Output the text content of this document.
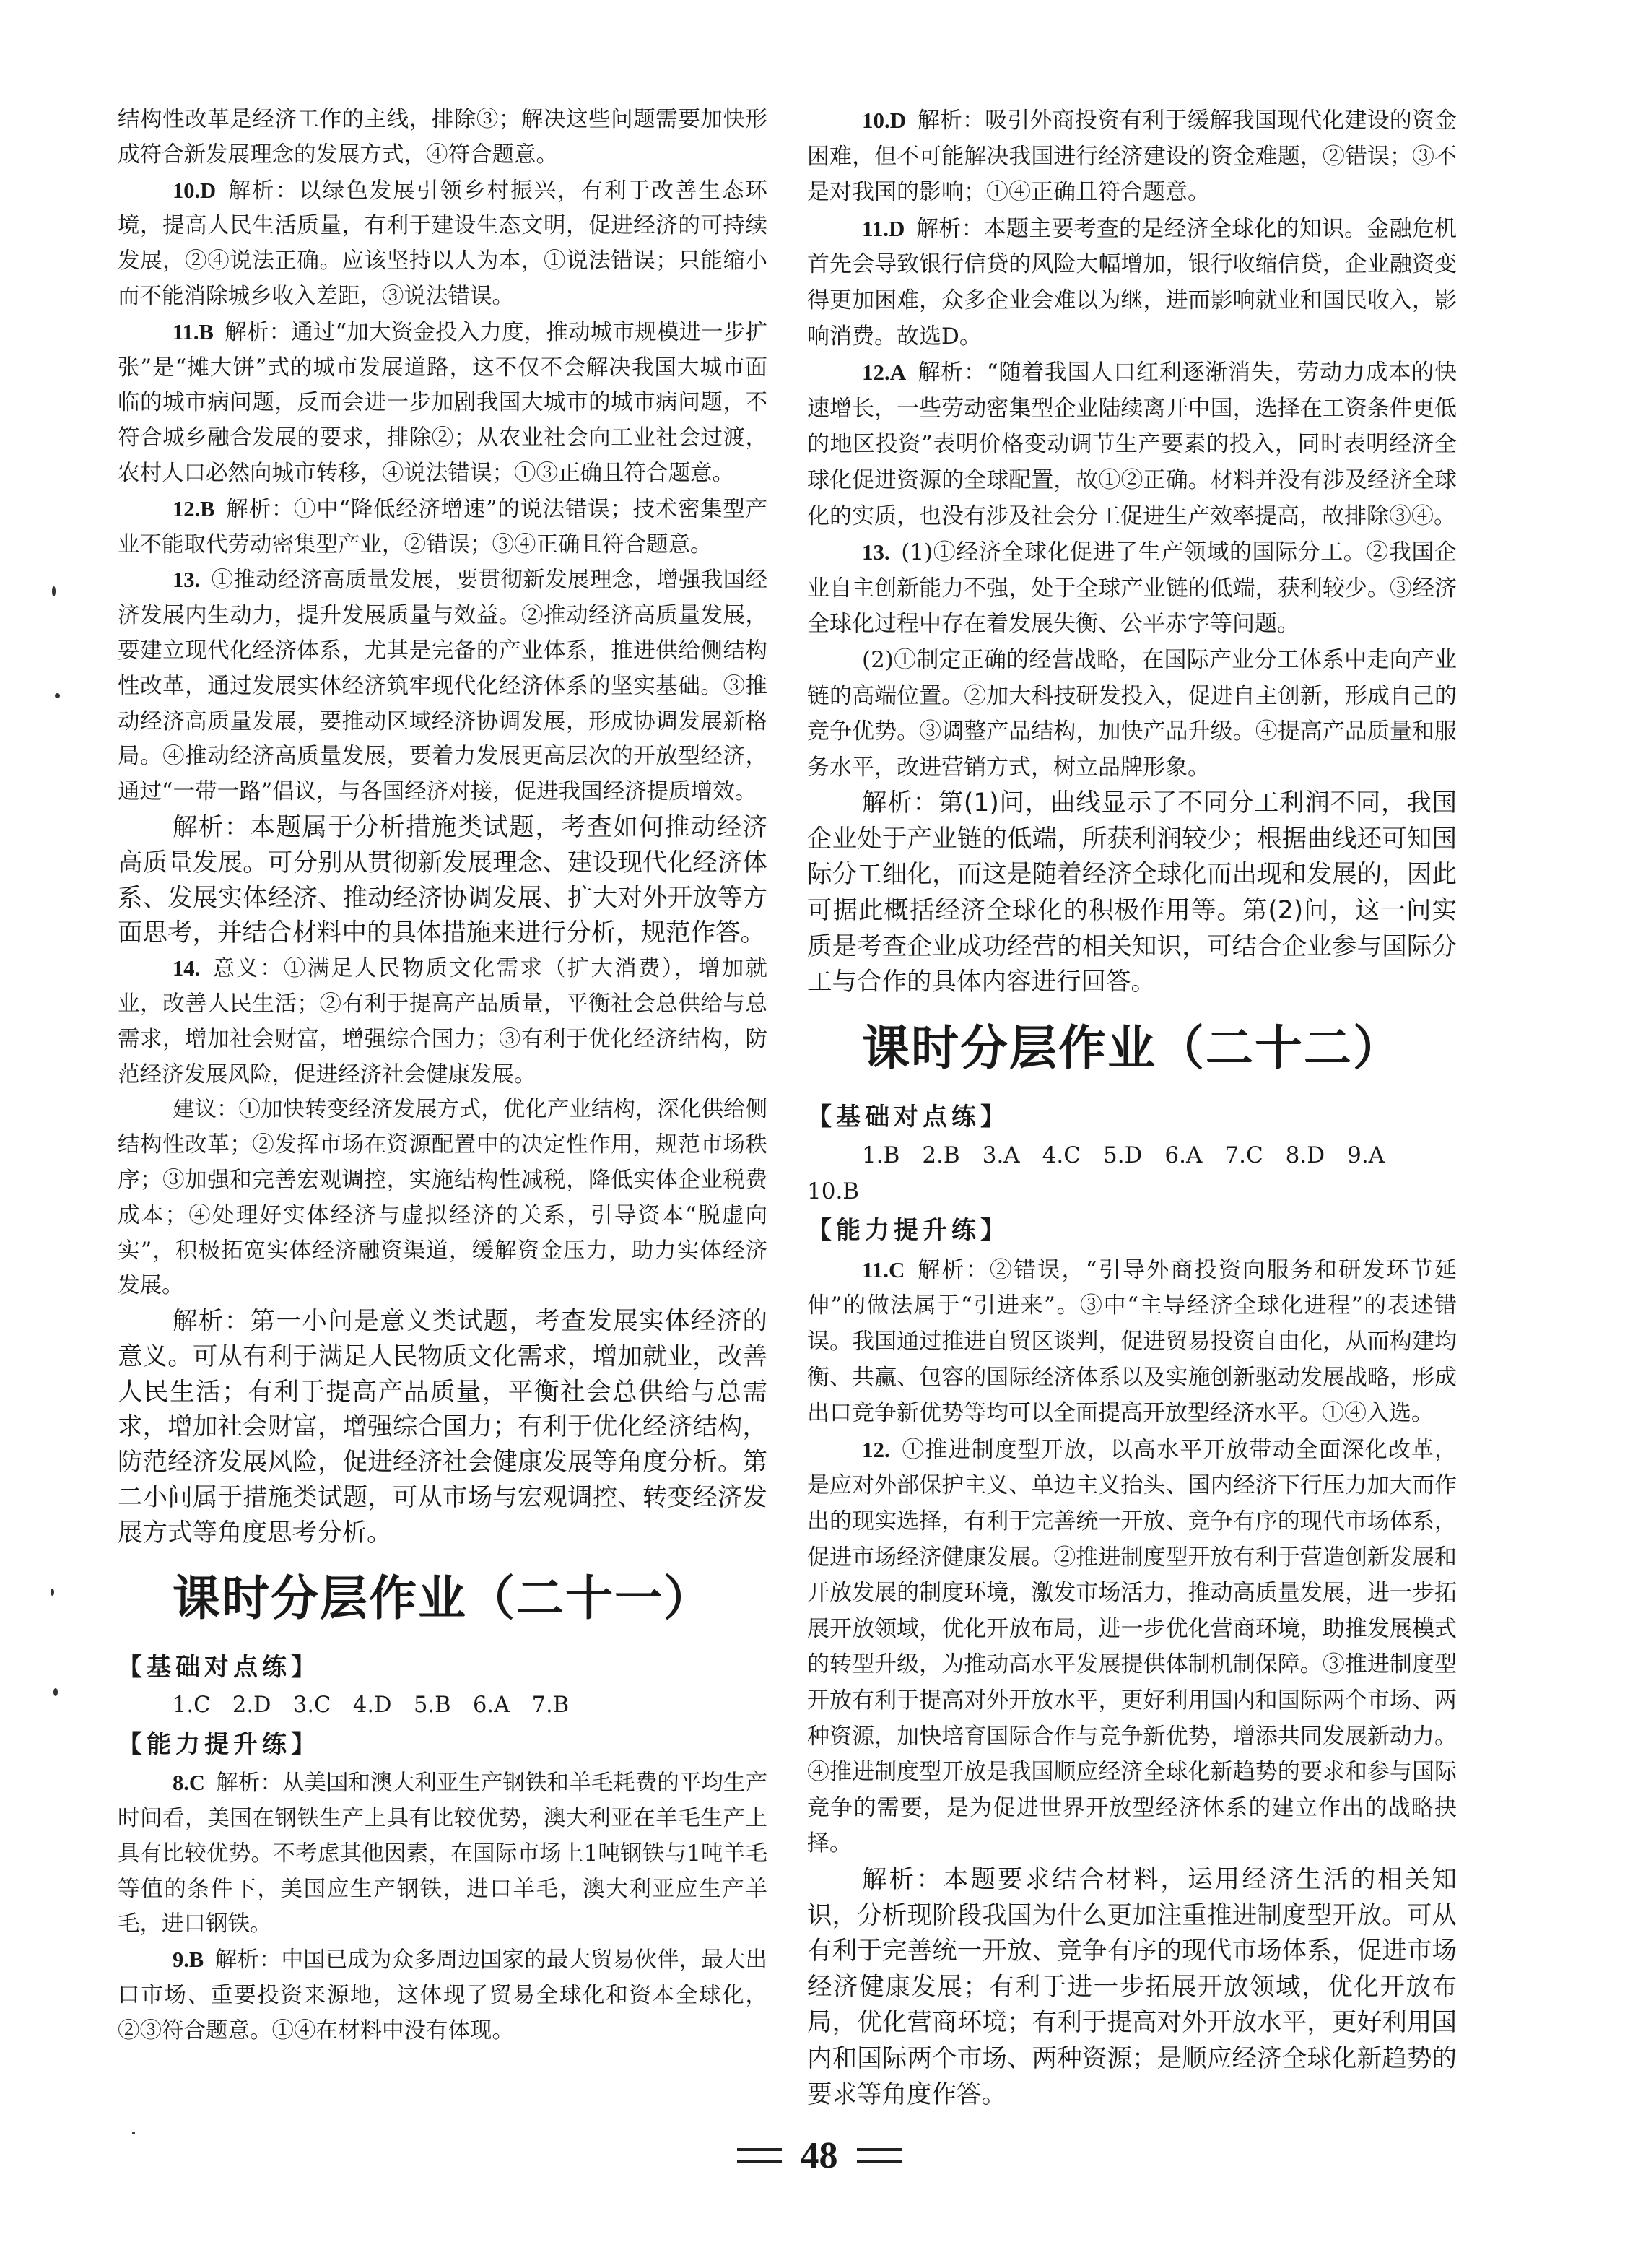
结构性改革是经济工作的主线，排除③；解决这些问题需要加快形成符合新发展理念的发展方式，④符合题意。

10.D  解析：以绿色发展引领乡村振兴，有利于改善生态环境，提高人民生活质量，有利于建设生态文明，促进经济的可持续发展，②④说法正确。应该坚持以人为本，①说法错误；只能缩小而不能消除城乡收入差距，③说法错误。

11.B  解析：通过“加大资金投入力度，推动城市规模进一步扩张”是“摊大饼”式的城市发展道路，这不仅不会解决我国大城市面临的城市病问题，反而会进一步加剧我国大城市的城市病问题，不符合城乡融合发展的要求，排除②；从农业社会向工业社会过渡，农村人口必然向城市转移，④说法错误；①③正确且符合题意。

12.B  解析：①中“降低经济增速”的说法错误；技术密集型产业不能取代劳动密集型产业，②错误；③④正确且符合题意。

13.  ①推动经济高质量发展，要贯彻新发展理念，增强我国经济发展内生动力，提升发展质量与效益。②推动经济高质量发展，要建立现代化经济体系，尤其是完备的产业体系，推进供给侧结构性改革，通过发展实体经济筑牢现代化经济体系的坚实基础。③推动经济高质量发展，要推动区域经济协调发展，形成协调发展新格局。④推动经济高质量发展，要着力发展更高层次的开放型经济，通过“一带一路”倡议，与各国经济对接，促进我国经济提质增效。

解析：本题属于分析措施类试题，考查如何推动经济高质量发展。可分别从贯彻新发展理念、建设现代化经济体系、发展实体经济、推动经济协调发展、扩大对外开放等方面思考，并结合材料中的具体措施来进行分析，规范作答。

14.  意义：①满足人民物质文化需求（扩大消费），增加就业，改善人民生活；②有利于提高产品质量，平衡社会总供给与总需求，增加社会财富，增强综合国力；③有利于优化经济结构，防范经济发展风险，促进经济社会健康发展。

建议：①加快转变经济发展方式，优化产业结构，深化供给侧结构性改革；②发挥市场在资源配置中的决定性作用，规范市场秩序；③加强和完善宏观调控，实施结构性减税，降低实体企业税费成本；④处理好实体经济与虚拟经济的关系，引导资本“脱虚向实”，积极拓宽实体经济融资渠道，缓解资金压力，助力实体经济发展。

解析：第一小问是意义类试题，考查发展实体经济的意义。可从有利于满足人民物质文化需求，增加就业，改善人民生活；有利于提高产品质量，平衡社会总供给与总需求，增加社会财富，增强综合国力；有利于优化经济结构，防范经济发展风险，促进经济社会健康发展等角度分析。第二小问属于措施类试题，可从市场与宏观调控、转变经济发展方式等角度思考分析。

课时分层作业（二十一）

【基础对点练】

1.C　2.D　3.C　4.D　5.B　6.A　7.B

【能力提升练】

8.C  解析：从美国和澳大利亚生产钢铁和羊毛耗费的平均生产时间看，美国在钢铁生产上具有比较优势，澳大利亚在羊毛生产上具有比较优势。不考虑其他因素，在国际市场上1吨钢铁与1吨羊毛等值的条件下，美国应生产钢铁，进口羊毛，澳大利亚应生产羊毛，进口钢铁。

9.B  解析：中国已成为众多周边国家的最大贸易伙伴，最大出口市场、重要投资来源地，这体现了贸易全球化和资本全球化，②③符合题意。①④在材料中没有体现。

10.D  解析：吸引外商投资有利于缓解我国现代化建设的资金困难，但不可能解决我国进行经济建设的资金难题，②错误；③不是对我国的影响；①④正确且符合题意。

11.D  解析：本题主要考查的是经济全球化的知识。金融危机首先会导致银行信贷的风险大幅增加，银行收缩信贷，企业融资变得更加困难，众多企业会难以为继，进而影响就业和国民收入，影响消费。故选D。

12.A  解析：“随着我国人口红利逐渐消失，劳动力成本的快速增长，一些劳动密集型企业陆续离开中国，选择在工资条件更低的地区投资”表明价格变动调节生产要素的投入，同时表明经济全球化促进资源的全球配置，故①②正确。材料并没有涉及经济全球化的实质，也没有涉及社会分工促进生产效率提高，故排除③④。

13.  (1)①经济全球化促进了生产领域的国际分工。②我国企业自主创新能力不强，处于全球产业链的低端，获利较少。③经济全球化过程中存在着发展失衡、公平赤字等问题。

(2)①制定正确的经营战略，在国际产业分工体系中走向产业链的高端位置。②加大科技研发投入，促进自主创新，形成自己的竞争优势。③调整产品结构，加快产品升级。④提高产品质量和服务水平，改进营销方式，树立品牌形象。

解析：第(1)问，曲线显示了不同分工利润不同，我国企业处于产业链的低端，所获利润较少；根据曲线还可知国际分工细化，而这是随着经济全球化而出现和发展的，因此可据此概括经济全球化的积极作用等。第(2)问，这一问实质是考查企业成功经营的相关知识，可结合企业参与国际分工与合作的具体内容进行回答。

课时分层作业（二十二）

【基础对点练】

1.B　2.B　3.A　4.C　5.D　6.A　7.C　8.D　9.A　10.B

【能力提升练】

11.C  解析：②错误，“引导外商投资向服务和研发环节延伸”的做法属于“引进来”。③中“主导经济全球化进程”的表述错误。我国通过推进自贸区谈判，促进贸易投资自由化，从而构建均衡、共赢、包容的国际经济体系以及实施创新驱动发展战略，形成出口竞争新优势等均可以全面提高开放型经济水平。①④入选。

12.  ①推进制度型开放，以高水平开放带动全面深化改革，是应对外部保护主义、单边主义抬头、国内经济下行压力加大而作出的现实选择，有利于完善统一开放、竞争有序的现代市场体系，促进市场经济健康发展。②推进制度型开放有利于营造创新发展和开放发展的制度环境，激发市场活力，推动高质量发展，进一步拓展开放领域，优化开放布局，进一步优化营商环境，助推发展模式的转型升级，为推动高水平发展提供体制机制保障。③推进制度型开放有利于提高对外开放水平，更好利用国内和国际两个市场、两种资源，加快培育国际合作与竞争新优势，增添共同发展新动力。④推进制度型开放是我国顺应经济全球化新趋势的要求和参与国际竞争的需要，是为促进世界开放型经济体系的建立作出的战略抉择。

解析：本题要求结合材料，运用经济生活的相关知识，分析现阶段我国为什么更加注重推进制度型开放。可从有利于完善统一开放、竞争有序的现代市场体系，促进市场经济健康发展；有利于进一步拓展开放领域，优化开放布局，优化营商环境；有利于提高对外开放水平，更好利用国内和国际两个市场、两种资源；是顺应经济全球化新趋势的要求等角度作答。

48
